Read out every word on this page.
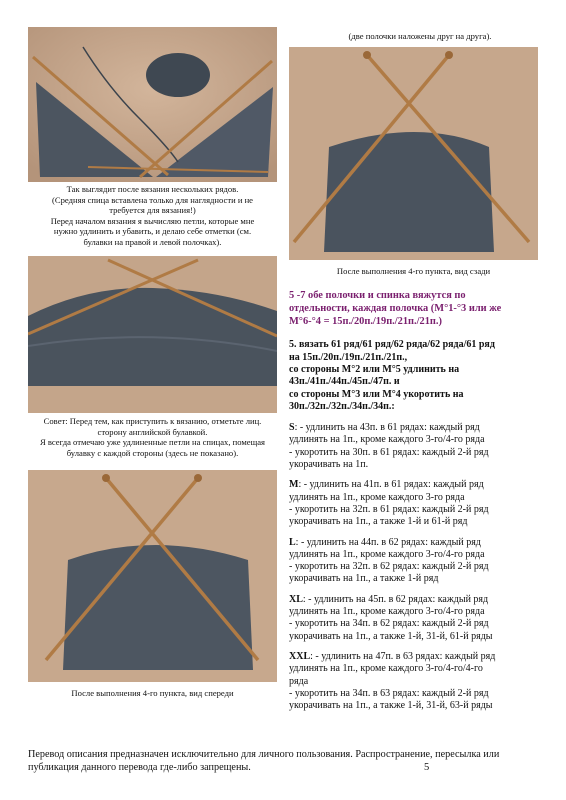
Так выглядит после вязания нескольких рядов.
(Средняя спица вставлена только для наглядности и не
требуется для вязания!)
Перед началом вязания я вычисляю петли, которые мне
нужно удлинить и убавить, и делаю себе отметки (см.
булавки на правой и левой полочках).
Совет: Перед тем, как приступить к вязанию, отметьте лиц.
сторону английской булавкой.
Я всегда отмечаю уже удлиненные петли на спицах, помещая
булавку с каждой стороны (здесь не показано).
После выполнения 4-го пункта, вид спереди
(две полочки наложены друг на друга).
После выполнения 4-го пункта, вид сзади
5 -7 обе полочки и спинка вяжутся по
отдельности, каждая полочка (М°1-°3 или же
М°6-°4 = 15п./20п./19п./21п./21п.)
5. вязать 61 ряд/61 ряд/62 ряда/62 ряда/61 ряд
на 15п./20п./19п./21п./21п.,
со стороны М°2 или М°5 удлинить на
43п./41п./44п./45п./47п. и
со стороны М°3 или М°4 укоротить на
30п./32п./32п./34п./34п.:
S: - удлинить на 43п. в 61 рядах: каждый ряд
удлинять на 1п., кроме каждого 3-го/4-го ряда
- укоротить на 30п. в 61 рядах: каждый 2-й ряд
укорачивать на 1п.
M: - удлинить на 41п. в 61 рядах: каждый ряд
удлинять на 1п., кроме каждого 3-го ряда
- укоротить на 32п. в 61 рядах: каждый 2-й ряд
укорачивать на 1п., а также 1-й и 61-й ряд
L: - удлинить на 44п. в 62 рядах: каждый ряд
удлинять на 1п., кроме каждого 3-го/4-го ряда
- укоротить на 32п. в 62 рядах: каждый 2-й ряд
укорачивать на 1п., а также 1-й ряд
XL: - удлинить на 45п. в 62 рядах: каждый ряд
удлинять на 1п., кроме каждого 3-го/4-го ряда
- укоротить на 34п. в 62 рядах: каждый 2-й ряд
укорачивать на 1п., а также 1-й, 31-й, 61-й ряды
XXL: - удлинить на 47п. в 63 рядах: каждый ряд
удлинять на 1п., кроме каждого 3-го/4-го/4-го
ряда
- укоротить на 34п. в 63 рядах: каждый 2-й ряд
укорачивать на 1п., а также 1-й, 31-й, 63-й ряды
Перевод описания предназначен исключительно для личного пользования. Распространение, пересылка или
публикация данного перевода где-либо запрещены.	5
